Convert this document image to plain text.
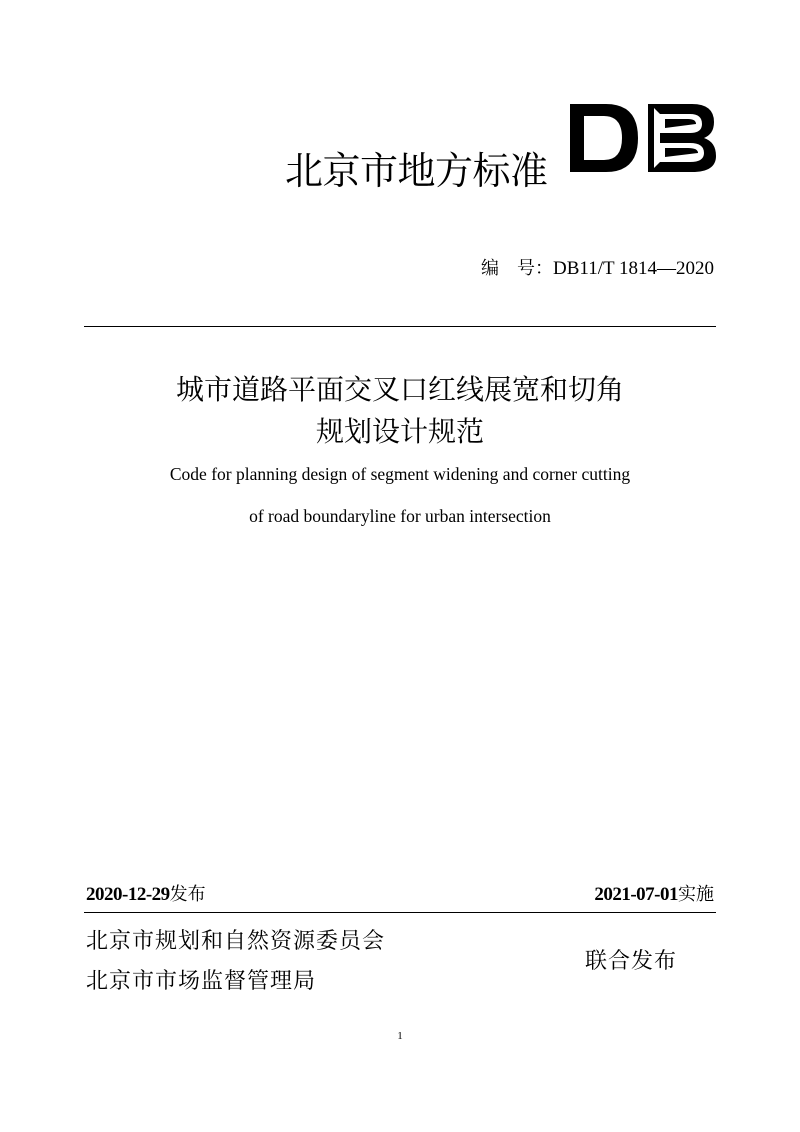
北京市地方标准
DB
编　号：DB11/T 1814—2020
城市道路平面交叉口红线展宽和切角
规划设计规范
Code for planning design of segment widening and corner cutting
of road boundaryline for urban intersection
2020-12-29发布	2021-07-01实施
北京市规划和自然资源委员会
北京市市场监督管理局
联合发布
1
